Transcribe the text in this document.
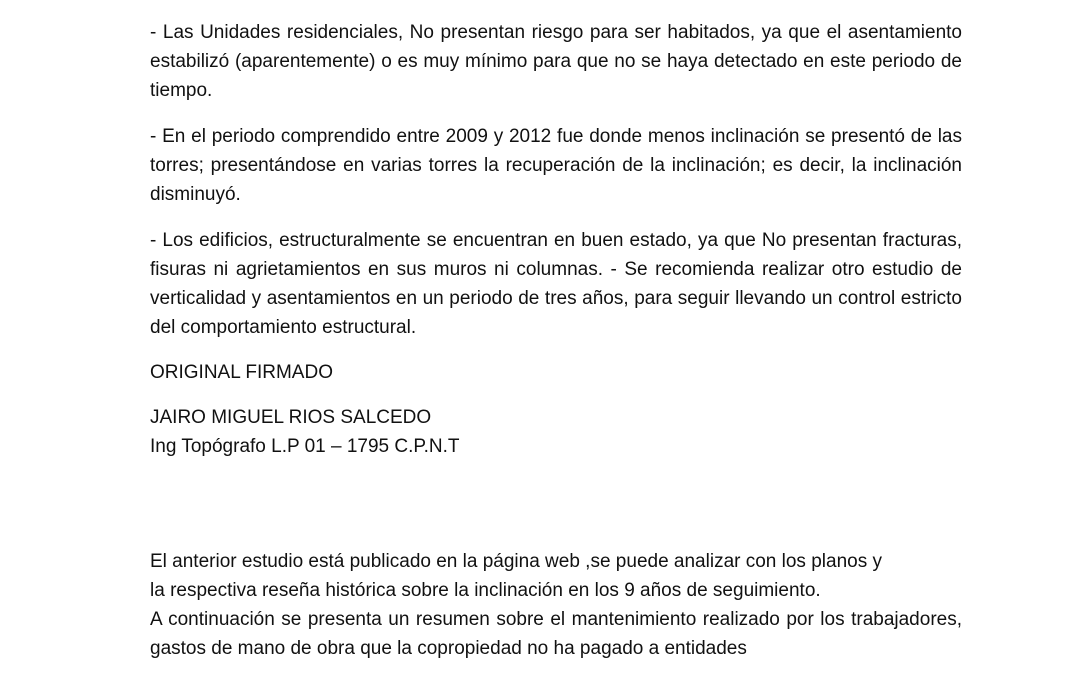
- Las Unidades residenciales, No presentan riesgo para ser habitados, ya que el asentamiento estabilizó (aparentemente) o es muy mínimo para que no se haya detectado en este periodo de tiempo.

- En el periodo comprendido entre 2009 y 2012 fue donde menos inclinación se presentó de las torres; presentándose en varias torres la recuperación de la inclinación; es decir, la inclinación disminuyó.

- Los edificios, estructuralmente se encuentran en buen estado, ya que No presentan fracturas, fisuras ni agrietamientos en sus muros ni columnas. - Se recomienda realizar otro estudio de verticalidad y asentamientos en un periodo de tres años, para seguir llevando un control estricto del comportamiento estructural.

ORIGINAL FIRMADO

JAIRO MIGUEL RIOS SALCEDO
Ing Topógrafo L.P 01 – 1795 C.P.N.T
El anterior estudio está publicado en la página web ,se puede analizar con los planos y
la respectiva reseña histórica sobre la inclinación en los 9 años de seguimiento.

A continuación se presenta un resumen sobre el mantenimiento realizado por los trabajadores, gastos de mano de obra que la copropiedad no ha pagado a entidades
